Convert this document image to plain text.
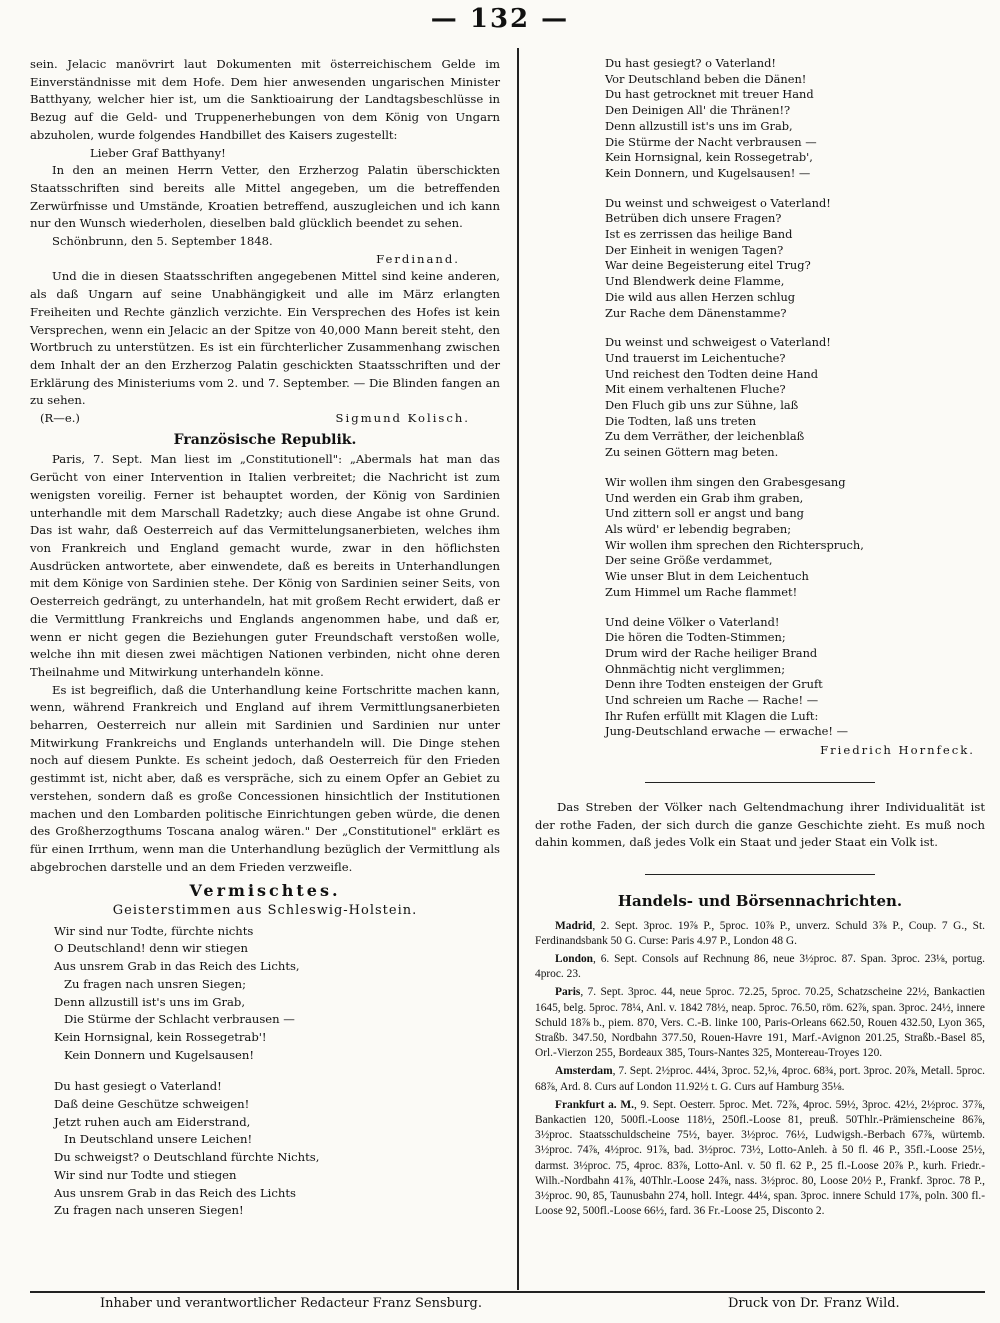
— 132 —

sein. Jelacic manövrirt laut Dokumenten mit österreichischem Gelde im Einverständnisse mit dem Hofe. Dem hier anwesenden ungarischen Minister Batthyany, welcher hier ist, um die Sanktioairung der Landtagsbeschlüsse in Bezug auf die Geld- und Truppenerhebungen von dem König von Ungarn abzuholen, wurde folgendes Handbillet des Kaisers zugestellt:

Lieber Graf Batthyany!

In den an meinen Herrn Vetter, den Erzherzog Palatin überschickten Staatsschriften sind bereits alle Mittel angegeben, um die betreffenden Zerwürfnisse und Umstände, Kroatien betreffend, auszugleichen und ich kann nur den Wunsch wiederholen, dieselben bald glücklich beendet zu sehen.

Schönbrunn, den 5. September 1848.

Ferdinand.

Und die in diesen Staatsschriften angegebenen Mittel sind keine anderen, als daß Ungarn auf seine Unabhängigkeit und alle im März erlangten Freiheiten und Rechte gänzlich verzichte. Ein Versprechen des Hofes ist kein Versprechen, wenn ein Jelacic an der Spitze von 40,000 Mann bereit steht, den Wortbruch zu unterstützen. Es ist ein fürchterlicher Zusammenhang zwischen dem Inhalt der an den Erzherzog Palatin geschickten Staatsschriften und der Erklärung des Ministeriums vom 2. und 7. September. — Die Blinden fangen an zu sehen.

(R—e.)	Sigmund Kolisch.
Französische Republik.

Paris, 7. Sept. Man liest im „Constitutionell": „Abermals hat man das Gerücht von einer Intervention in Italien verbreitet; die Nachricht ist zum wenigsten voreilig. Ferner ist behauptet worden, der König von Sardinien unterhandle mit dem Marschall Radetzky; auch diese Angabe ist ohne Grund. Das ist wahr, daß Oesterreich auf das Vermittelungsanerbieten, welches ihm von Frankreich und England gemacht wurde, zwar in den höflichsten Ausdrücken antwortete, aber einwendete, daß es bereits in Unterhandlungen mit dem Könige von Sardinien stehe. Der König von Sardinien seiner Seits, von Oesterreich gedrängt, zu unterhandeln, hat mit großem Recht erwidert, daß er die Vermittlung Frankreichs und Englands angenommen habe, und daß er, wenn er nicht gegen die Beziehungen guter Freundschaft verstoßen wolle, welche ihn mit diesen zwei mächtigen Nationen verbinden, nicht ohne deren Theilnahme und Mitwirkung unterhandeln könne.

Es ist begreiflich, daß die Unterhandlung keine Fortschritte machen kann, wenn, während Frankreich und England auf ihrem Vermittlungsanerbieten beharren, Oesterreich nur allein mit Sardinien und Sardinien nur unter Mitwirkung Frankreichs und Englands unterhandeln will. Die Dinge stehen noch auf diesem Punkte. Es scheint jedoch, daß Oesterreich für den Frieden gestimmt ist, nicht aber, daß es verspräche, sich zu einem Opfer an Gebiet zu verstehen, sondern daß es große Concessionen hinsichtlich der Institutionen machen und den Lombarden politische Einrichtungen geben würde, die denen des Großherzogthums Toscana analog wären." Der „Constitutionel" erklärt es für einen Irrthum, wenn man die Unterhandlung bezüglich der Vermittlung als abgebrochen darstelle und an dem Frieden verzweifle.

Vermischtes.
Geisterstimmen aus Schleswig-Holstein.
Wir sind nur Todte, fürchte nichts
O Deutschland! denn wir stiegen
Aus unsrem Grab in das Reich des Lichts,
Zu fragen nach unsren Siegen;
Denn allzustill ist's uns im Grab,
Die Stürme der Schlacht verbrausen —
Kein Hornsignal, kein Rossegetrab'!
Kein Donnern und Kugelsausen!
Du hast gesiegt o Vaterland!
Daß deine Geschütze schweigen!
Jetzt ruhen auch am Eiderstrand,
In Deutschland unsere Leichen!
Du schweigst? o Deutschland fürchte Nichts,
Wir sind nur Todte und stiegen
Aus unsrem Grab in das Reich des Lichts
Zu fragen nach unseren Siegen!
Du hast gesiegt? o Vaterland!
Vor Deutschland beben die Dänen!
Du hast getrocknet mit treuer Hand
Den Deinigen All' die Thränen!?
Denn allzustill ist's uns im Grab,
Die Stürme der Nacht verbrausen —
Kein Hornsignal, kein Rossegetrab',
Kein Donnern, und Kugelsausen! —
Du weinst und schweigest o Vaterland!
Betrüben dich unsere Fragen?
Ist es zerrissen das heilige Band
Der Einheit in wenigen Tagen?
War deine Begeisterung eitel Trug?
Und Blendwerk deine Flamme,
Die wild aus allen Herzen schlug
Zur Rache dem Dänenstamme?
Du weinst und schweigest o Vaterland!
Und trauerst im Leichentuche?
Und reichest den Todten deine Hand
Mit einem verhaltenen Fluche?
Den Fluch gib uns zur Sühne, laß
Die Todten, laß uns treten
Zu dem Verräther, der leichenblaß
Zu seinen Göttern mag beten.
Wir wollen ihm singen den Grabesgesang
Und werden ein Grab ihm graben,
Und zittern soll er angst und bang
Als würd' er lebendig begraben;
Wir wollen ihm sprechen den Richterspruch,
Der seine Größe verdammet,
Wie unser Blut in dem Leichentuch
Zum Himmel um Rache flammet!
Und deine Völker o Vaterland!
Die hören die Todten-Stimmen;
Drum wird der Rache heiliger Brand
Ohnmächtig nicht verglimmen;
Denn ihre Todten ensteigen der Gruft
Und schreien um Rache — Rache! —
Ihr Rufen erfüllt mit Klagen die Luft:
Jung-Deutschland erwache — erwache! —

Friedrich Hornfeck.

Das Streben der Völker nach Geltendmachung ihrer Individualität ist der rothe Faden, der sich durch die ganze Geschichte zieht. Es muß noch dahin kommen, daß jedes Volk ein Staat und jeder Staat ein Volk ist.

Handels- und Börsennachrichten.

Madrid, 2. Sept. 3proc. 19⅞ P., 5proc. 10⅞ P., unverz. Schuld 3⅞ P., Coup. 7 G., St. Ferdinandsbank 50 G. Curse: Paris 4.97 P., London 48 G.

London, 6. Sept. Consols auf Rechnung 86, neue 3½proc. 87. Span. 3proc. 23⅛, portug. 4proc. 23.

Paris, 7. Sept. 3proc. 44, neue 5proc. 72.25, 5proc. 70.25, Schatzscheine 22½, Bankactien 1645, belg. 5proc. 78¼, Anl. v. 1842 78½, neap. 5proc. 76.50, röm. 62⅞, span. 3proc. 24½, innere Schuld 18⅞ b., piem. 870, Vers. C.-B. linke 100, Paris-Orleans 662.50, Rouen 432.50, Lyon 365, Straßb. 347.50, Nordbahn 377.50, Rouen-Havre 191, Marf.-Avignon 201.25, Straßb.-Basel 85, Orl.-Vierzon 255, Bordeaux 385, Tours-Nantes 325, Montereau-Troyes 120.

Amsterdam, 7. Sept. 2½proc. 44¼, 3proc. 52,⅛, 4proc. 68¾, port. 3proc. 20⅞, Metall. 5proc. 68⅞, Ard. 8. Curs auf London 11.92½ t. G. Curs auf Hamburg 35⅛.

Frankfurt a. M., 9. Sept. Oesterr. 5proc. Met. 72⅞, 4proc. 59½, 3proc. 42½, 2½proc. 37⅞, Bankactien 120, 500fl.-Loose 118½, 250fl.-Loose 81, preuß. 50Thlr.-Prämienscheine 86⅞, 3½proc. Staatsschuldscheine 75½, bayer. 3½proc. 76½, Ludwigsh.-Berbach 67⅞, würtemb. 3½proc. 74⅞, 4½proc. 91⅞, bad. 3½proc. 73½, Lotto-Anleh. à 50 fl. 46 P., 35fl.-Loose 25½, darmst. 3½proc. 75, 4proc. 83⅞, Lotto-Anl. v. 50 fl. 62 P., 25 fl.-Loose 20⅞ P., kurh. Friedr.-Wilh.-Nordbahn 41⅞, 40Thlr.-Loose 24⅞, nass. 3½proc. 80, Loose 20½ P., Frankf. 3proc. 78 P., 3½proc. 90, 85, Taunusbahn 274, holl. Integr. 44¼, span. 3proc. innere Schuld 17⅞, poln. 300 fl.-Loose 92, 500fl.-Loose 66½, fard. 36 Fr.-Loose 25, Disconto 2.

Inhaber und verantwortlicher Redacteur Franz Sensburg.	Druck von Dr. Franz Wild.
